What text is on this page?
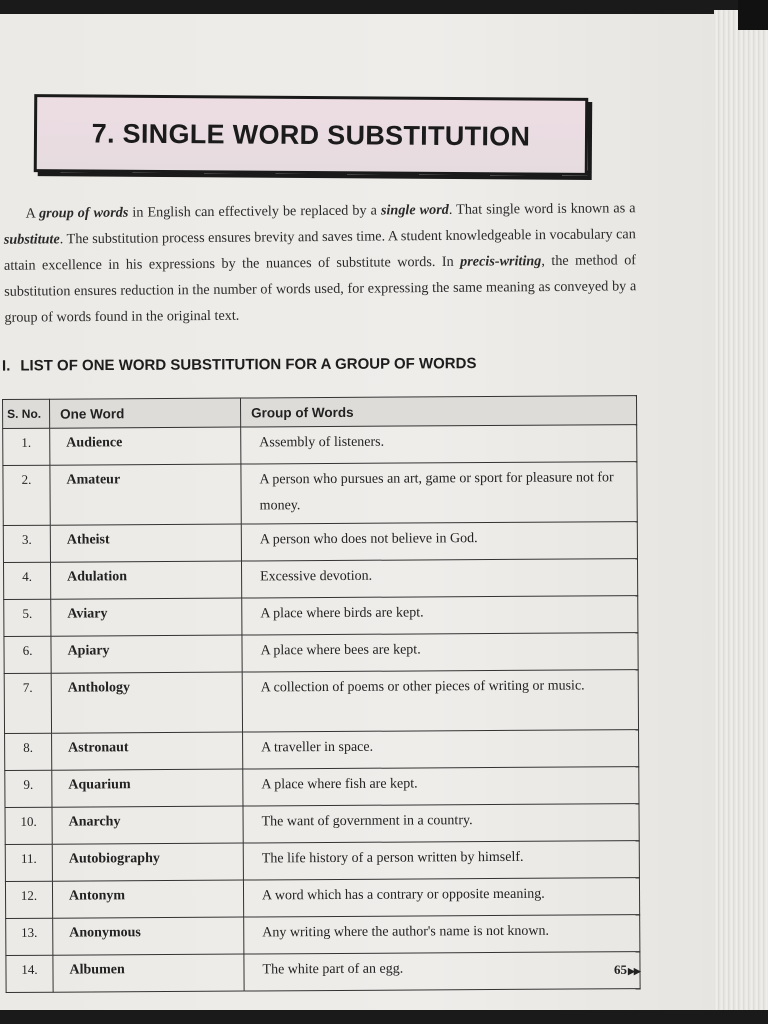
7. SINGLE WORD SUBSTITUTION

A group of words in English can effectively be replaced by a single word. That single word is known as a substitute. The substitution process ensures brevity and saves time. A student knowledgeable in vocabulary can attain excellence in his expressions by the nuances of substitute words. In precis-writing, the method of substitution ensures reduction in the number of words used, for expressing the same meaning as conveyed by a group of words found in the original text.

I. LIST OF ONE WORD SUBSTITUTION FOR A GROUP OF WORDS
S. No.	One Word	Group of Words
1.	Audience	Assembly of listeners.
2.	Amateur	A person who pursues an art, game or sport for pleasure not for money.
3.	Atheist	A person who does not believe in God.
4.	Adulation	Excessive devotion.
5.	Aviary	A place where birds are kept.
6.	Apiary	A place where bees are kept.
7.	Anthology	A collection of poems or other pieces of writing or music.
8.	Astronaut	A traveller in space.
9.	Aquarium	A place where fish are kept.
10.	Anarchy	The want of government in a country.
11.	Autobiography	The life history of a person written by himself.
12.	Antonym	A word which has a contrary or opposite meaning.
13.	Anonymous	Any writing where the author's name is not known.
14.	Albumen	The white part of an egg.	65▶▶
